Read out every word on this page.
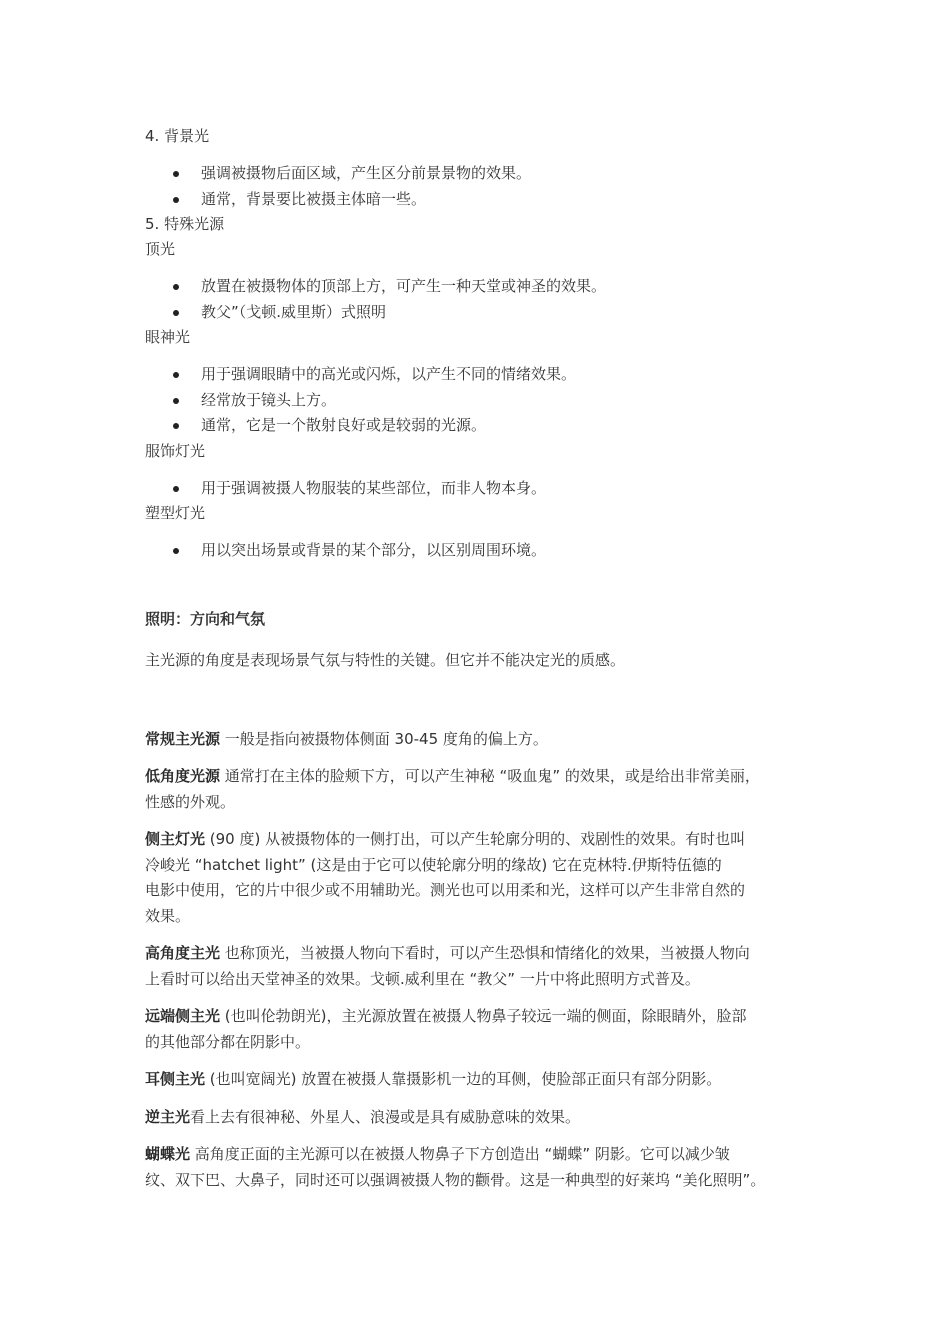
4. 背景光
强调被摄物后面区域，产生区分前景景物的效果。
通常，背景要比被摄主体暗一些。
5. 特殊光源
顶光
放置在被摄物体的顶部上方，可产生一种天堂或神圣的效果。
教父”（戈顿.威里斯）式照明
眼神光
用于强调眼睛中的高光或闪烁，以产生不同的情绪效果。
经常放于镜头上方。
通常，它是一个散射良好或是较弱的光源。
服饰灯光
用于强调被摄人物服装的某些部位，而非人物本身。
塑型灯光
用以突出场景或背景的某个部分，以区别周围环境。
照明：方向和气氛
主光源的角度是表现场景气氛与特性的关键。但它并不能决定光的质感。
常规主光源 一般是指向被摄物体侧面 30-45 度角的偏上方。
低角度光源 通常打在主体的脸颊下方，可以产生神秘 “吸血鬼” 的效果，或是给出非常美丽，
性感的外观。
侧主灯光 (90 度) 从被摄物体的一侧打出，可以产生轮廓分明的、戏剧性的效果。有时也叫
冷峻光 “hatchet light” (这是由于它可以使轮廓分明的缘故) 它在克林特.伊斯特伍德的
电影中使用，它的片中很少或不用辅助光。测光也可以用柔和光，这样可以产生非常自然的
效果。
高角度主光 也称顶光，当被摄人物向下看时，可以产生恐惧和情绪化的效果，当被摄人物向
上看时可以给出天堂神圣的效果。戈顿.威利里在 “教父” 一片中将此照明方式普及。
远端侧主光 (也叫伦勃朗光)，主光源放置在被摄人物鼻子较远一端的侧面，除眼睛外，脸部
的其他部分都在阴影中。
耳侧主光 (也叫宽阔光) 放置在被摄人靠摄影机一边的耳侧，使脸部正面只有部分阴影。
逆主光看上去有很神秘、外星人、浪漫或是具有威胁意味的效果。
蝴蝶光 高角度正面的主光源可以在被摄人物鼻子下方创造出 “蝴蝶” 阴影。它可以减少皱
纹、双下巴、大鼻子，同时还可以强调被摄人物的颧骨。这是一种典型的好莱坞 “美化照明”。
